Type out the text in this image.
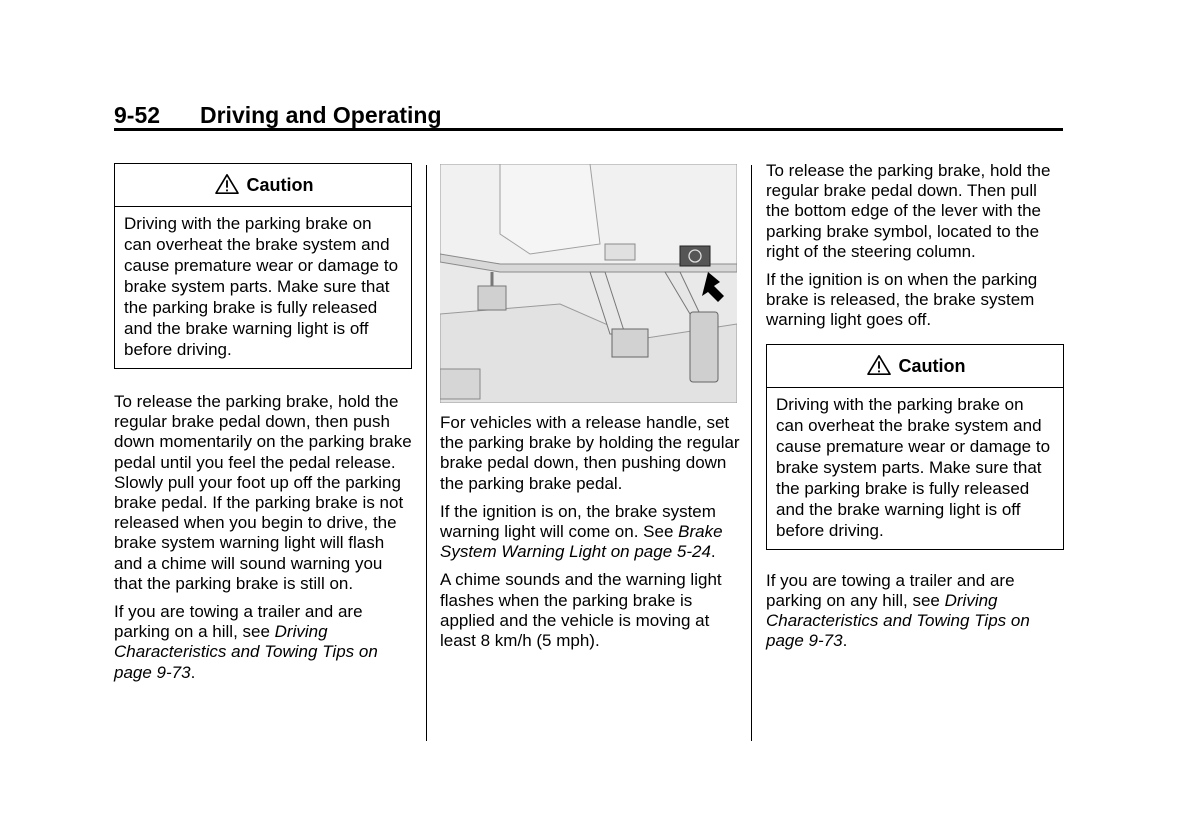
9-52 Driving and Operating
Caution
Driving with the parking brake on can overheat the brake system and cause premature wear or damage to brake system parts. Make sure that the parking brake is fully released and the brake warning light is off before driving.

To release the parking brake, hold the regular brake pedal down, then push down momentarily on the parking brake pedal until you feel the pedal release. Slowly pull your foot up off the parking brake pedal. If the parking brake is not released when you begin to drive, the brake system warning light will flash and a chime will sound warning you that the parking brake is still on.

If you are towing a trailer and are parking on a hill, see Driving Characteristics and Towing Tips on page 9-73.

For vehicles with a release handle, set the parking brake by holding the regular brake pedal down, then pushing down the parking brake pedal.

If the ignition is on, the brake system warning light will come on. See Brake System Warning Light on page 5-24.

A chime sounds and the warning light flashes when the parking brake is applied and the vehicle is moving at least 8 km/h (5 mph).

To release the parking brake, hold the regular brake pedal down. Then pull the bottom edge of the lever with the parking brake symbol, located to the right of the steering column.

If the ignition is on when the parking brake is released, the brake system warning light goes off.

Caution
Driving with the parking brake on can overheat the brake system and cause premature wear or damage to brake system parts. Make sure that the parking brake is fully released and the brake warning light is off before driving.

If you are towing a trailer and are parking on any hill, see Driving Characteristics and Towing Tips on page 9-73.
